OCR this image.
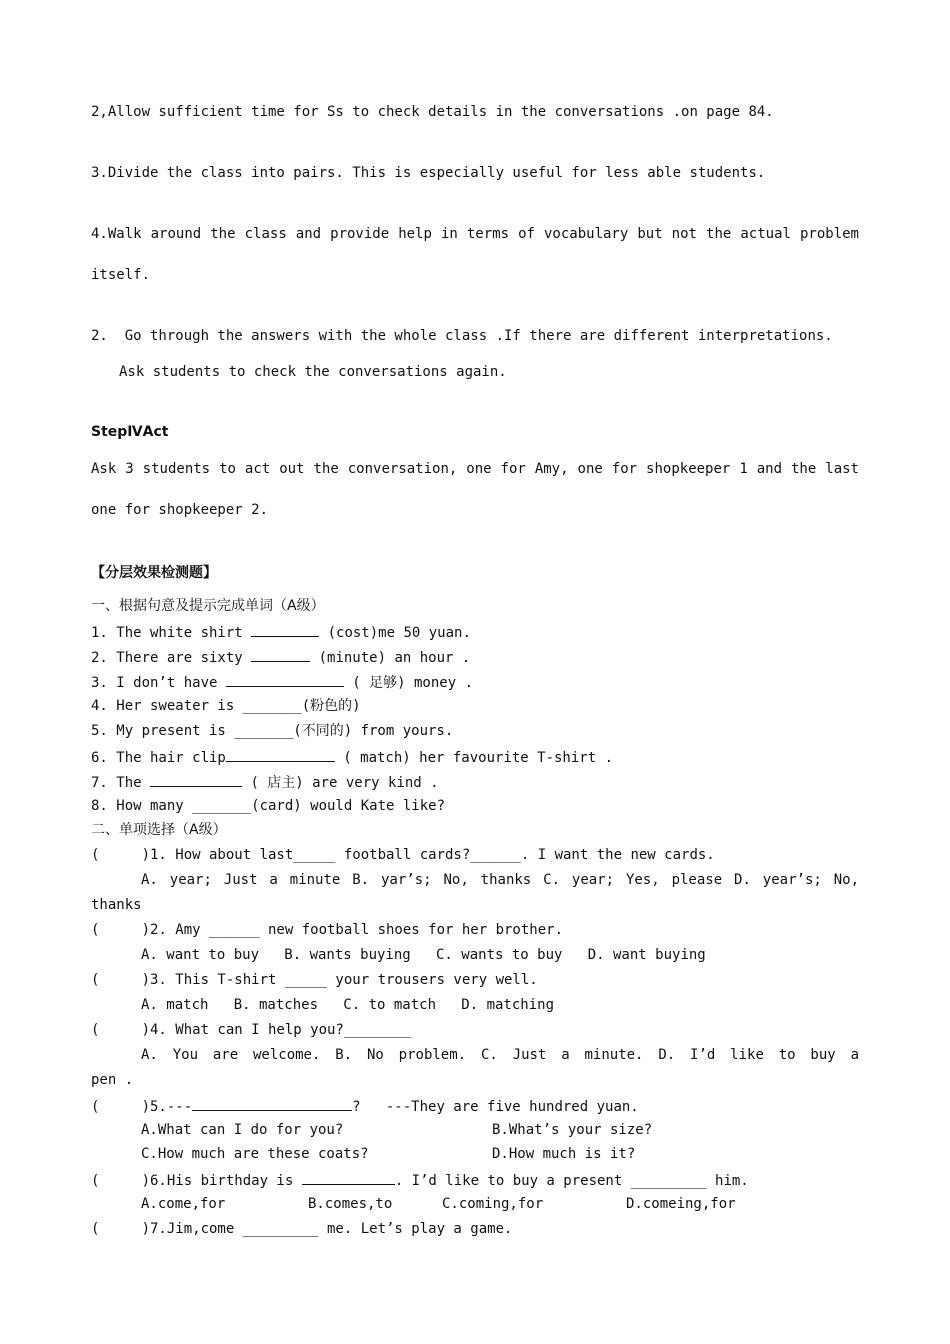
2,Allow sufficient time for Ss to check details in the conversations .on page 84.
3.Divide the class into pairs. This is especially useful for less able students.
4.Walk around the class and provide help in terms of vocabulary but not the actual problem
itself.
2.  Go through the answers with the whole class .If there are different interpretations.
Ask students to check the conversations again.
StepⅣAct
Ask 3 students to act out the conversation, one for Amy, one for shopkeeper 1 and the last
one for shopkeeper 2.
【分层效果检测题】
一、根据句意及提示完成单词（A级）
1. The white shirt	(cost)me 50 yuan.
2. There are sixty	(minute) an hour .
3. I don’t have	( 足够) money .
4. Her sweater is _______(粉色的)
5. My present is _______(不同的) from yours.
6. The hair clip	( match) her favourite T-shirt .
7. The	( 店主) are very kind .
8. How many _______(card) would Kate like?
二、单项选择（A级）
(     )1. How about last_____ football cards?______. I want the new cards.
A. year; Just a minute B. yar’s; No, thanks C. year; Yes, please D. year’s; No,
thanks
(     )2. Amy ______ new football shoes for her brother.
A. want to buy   B. wants buying   C. wants to buy   D. want buying
(     )3. This T-shirt _____ your trousers very well.
A. match   B. matches   C. to match   D. matching
(     )4. What can I help you?________
A. You are welcome. B. No problem. C. Just a minute. D. I’d like to buy a
pen .
(     )5.---	?   ---They are five hundred yuan.
A.What can I do for you?	B.What’s your size?
C.How much are these coats?	D.How much is it?
(     )6.His birthday is	. I’d like to buy a present _________ him.
A.come,for	B.comes,to	C.coming,for	D.comeing,for
(     )7.Jim,come _________ me. Let’s play a game.
